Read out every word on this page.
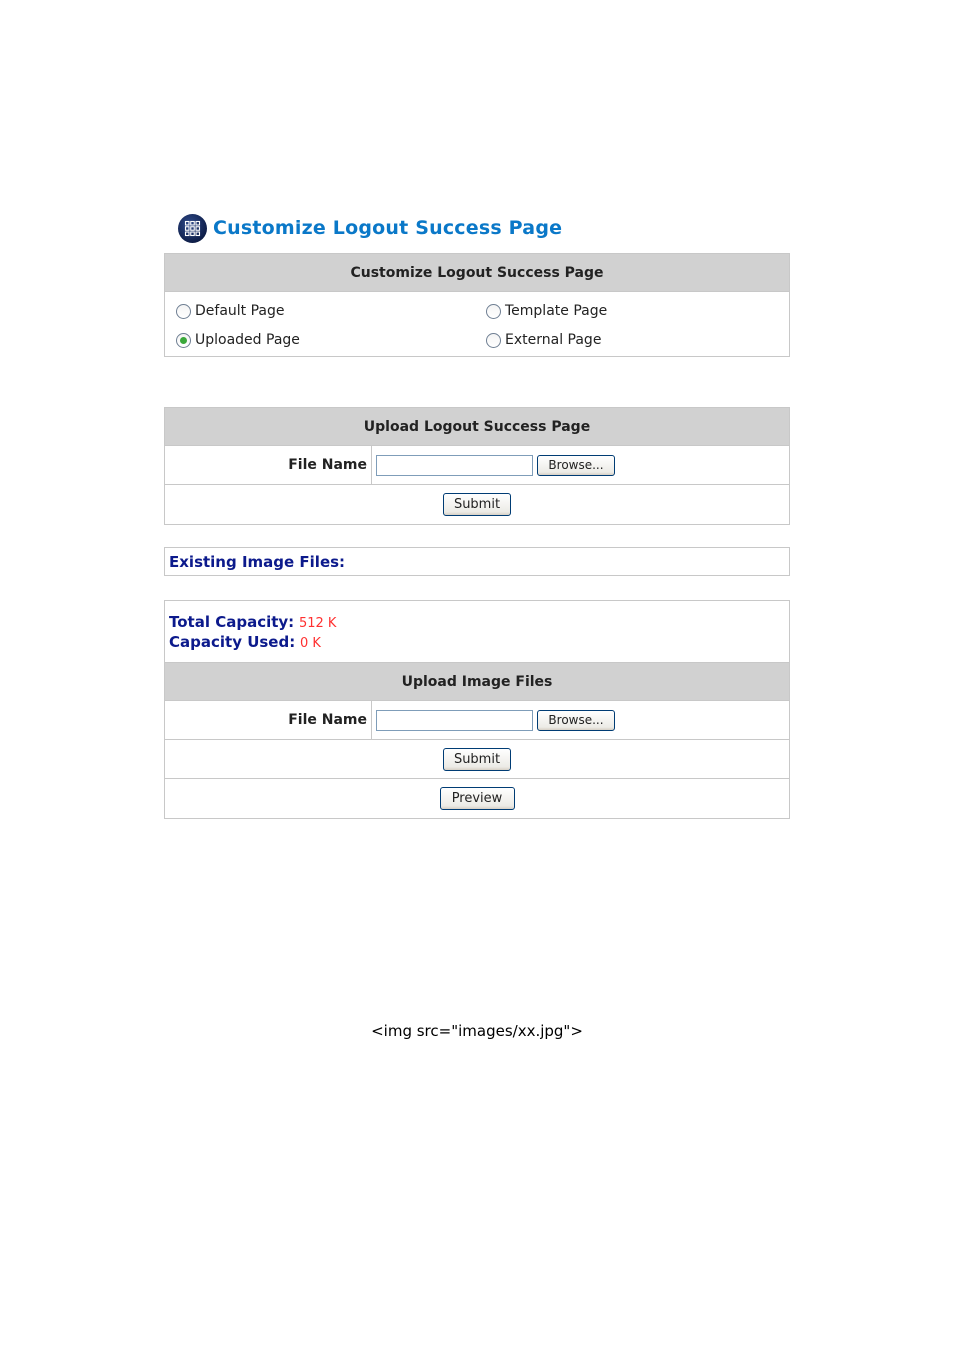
Customize Logout Success Page
Customize Logout Success Page
Default Page	Template Page
Uploaded Page	External Page
Upload Logout Success Page
File Name	Browse...
Submit
Existing Image Files:
Total Capacity: 512 K
Capacity Used: 0 K
Upload Image Files
File Name	Browse...
Submit
Preview
<img src="images/xx.jpg">
